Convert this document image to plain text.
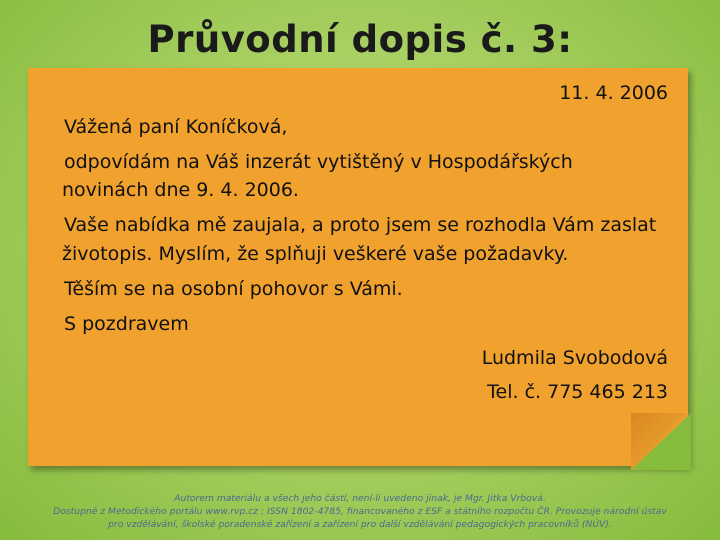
Průvodní dopis č. 3:
11. 4. 2006
Vážená paní Koníčková,
odpovídám na Váš inzerát vytištěný v Hospodářských
novinách dne 9. 4. 2006.
Vaše nabídka mě zaujala, a proto jsem se rozhodla Vám zaslat
životopis. Myslím, že splňuji veškeré vaše požadavky.
Těším se na osobní pohovor s Vámi.
S pozdravem
Ludmila Svobodová
Tel. č. 775 465 213
Autorem materiálu a všech jeho částí, není-li uvedeno jinak, je Mgr. Jitka Vrbová.
Dostupné z Metodického portálu www.rvp.cz ; ISSN 1802-4785, financovaného z ESF a státního rozpočtu ČR. Provozuje národní ústav
pro vzdělávání, školské poradenské zařízení a zařízení pro další vzdělávání pedagogických pracovníků (NÚV).
